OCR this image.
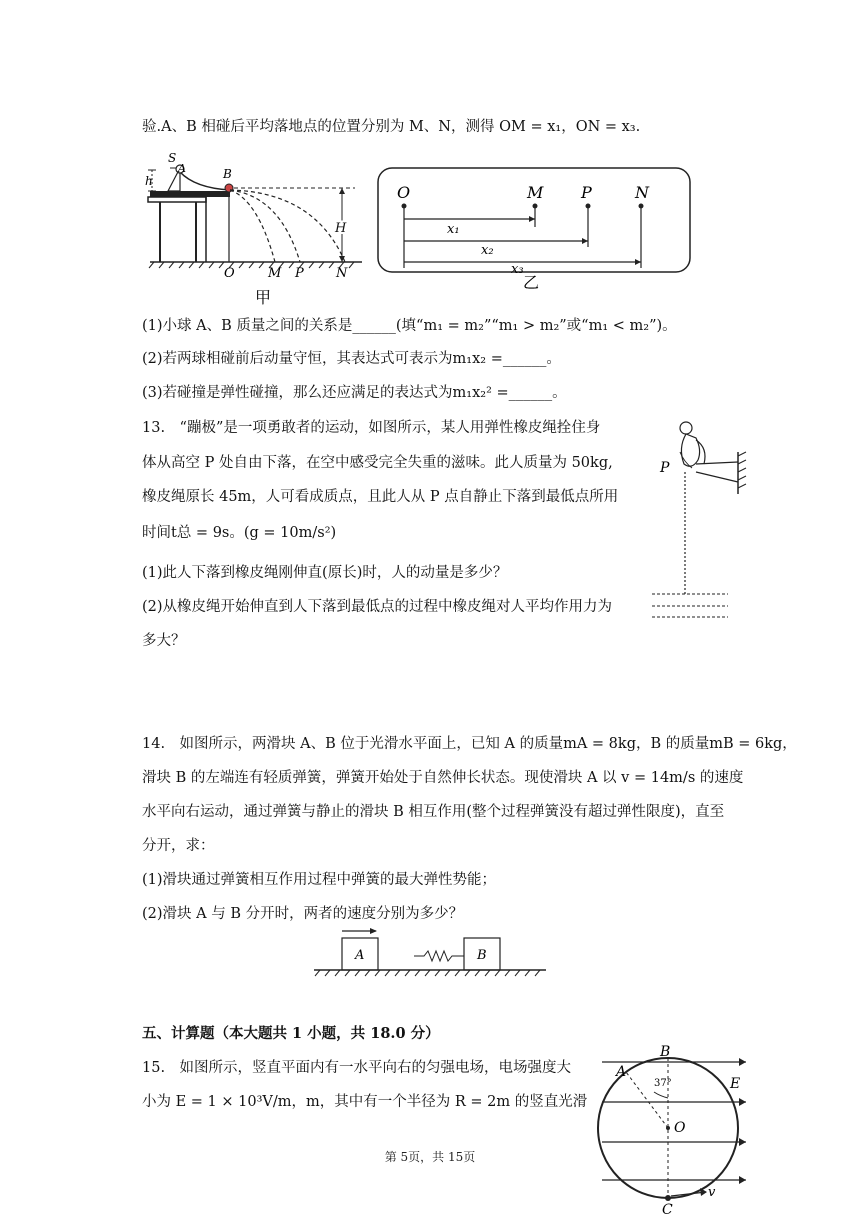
验.A、B 相碰后平均落地点的位置分别为 M、N，测得 OM = x₁，ON = x₃.
h
S
A	B
H
O	M P N
甲
O	M P	N
x₁
x₂
x₃
乙
(1)小球 A、B 质量之间的关系是______(填“m₁ = m₂”“m₁ > m₂”或“m₁ < m₂”)。
(2)若两球相碰前后动量守恒，其表达式可表示为m₁x₂ =______。
(3)若碰撞是弹性碰撞，那么还应满足的表达式为m₁x₂² =______。
13.　“蹦极”是一项勇敢者的运动，如图所示，某人用弹性橡皮绳拴住身
体从高空 P 处自由下落，在空中感受完全失重的滋味。此人质量为 50kg,
橡皮绳原长 45m，人可看成质点，且此人从 P 点自静止下落到最低点所用
时间t总 = 9s。(g = 10m/s²)
(1)此人下落到橡皮绳刚伸直(原长)时，人的动量是多少？
(2)从橡皮绳开始伸直到人下落到最低点的过程中橡皮绳对人平均作用力为
多大？
P
14.　如图所示，两滑块 A、B 位于光滑水平面上，已知 A 的质量mA = 8kg，B 的质量mB = 6kg，
滑块 B 的左端连有轻质弹簧，弹簧开始处于自然伸长状态。现使滑块 A 以 v = 14m/s 的速度
水平向右运动，通过弹簧与静止的滑块 B 相互作用(整个过程弹簧没有超过弹性限度)，直至
分开，求：
(1)滑块通过弹簧相互作用过程中弹簧的最大弹性势能；
(2)滑块 A 与 B 分开时，两者的速度分别为多少？
A	B
五、计算题（本大题共 1 小题，共 18.0 分）
15.　如图所示，竖直平面内有一水平向右的匀强电场，电场强度大
小为 E = 1 × 10³V/m，m，其中有一个半径为 R = 2m 的竖直光滑
B
A
E
O
37°
C
v
第 5页，共 15页
